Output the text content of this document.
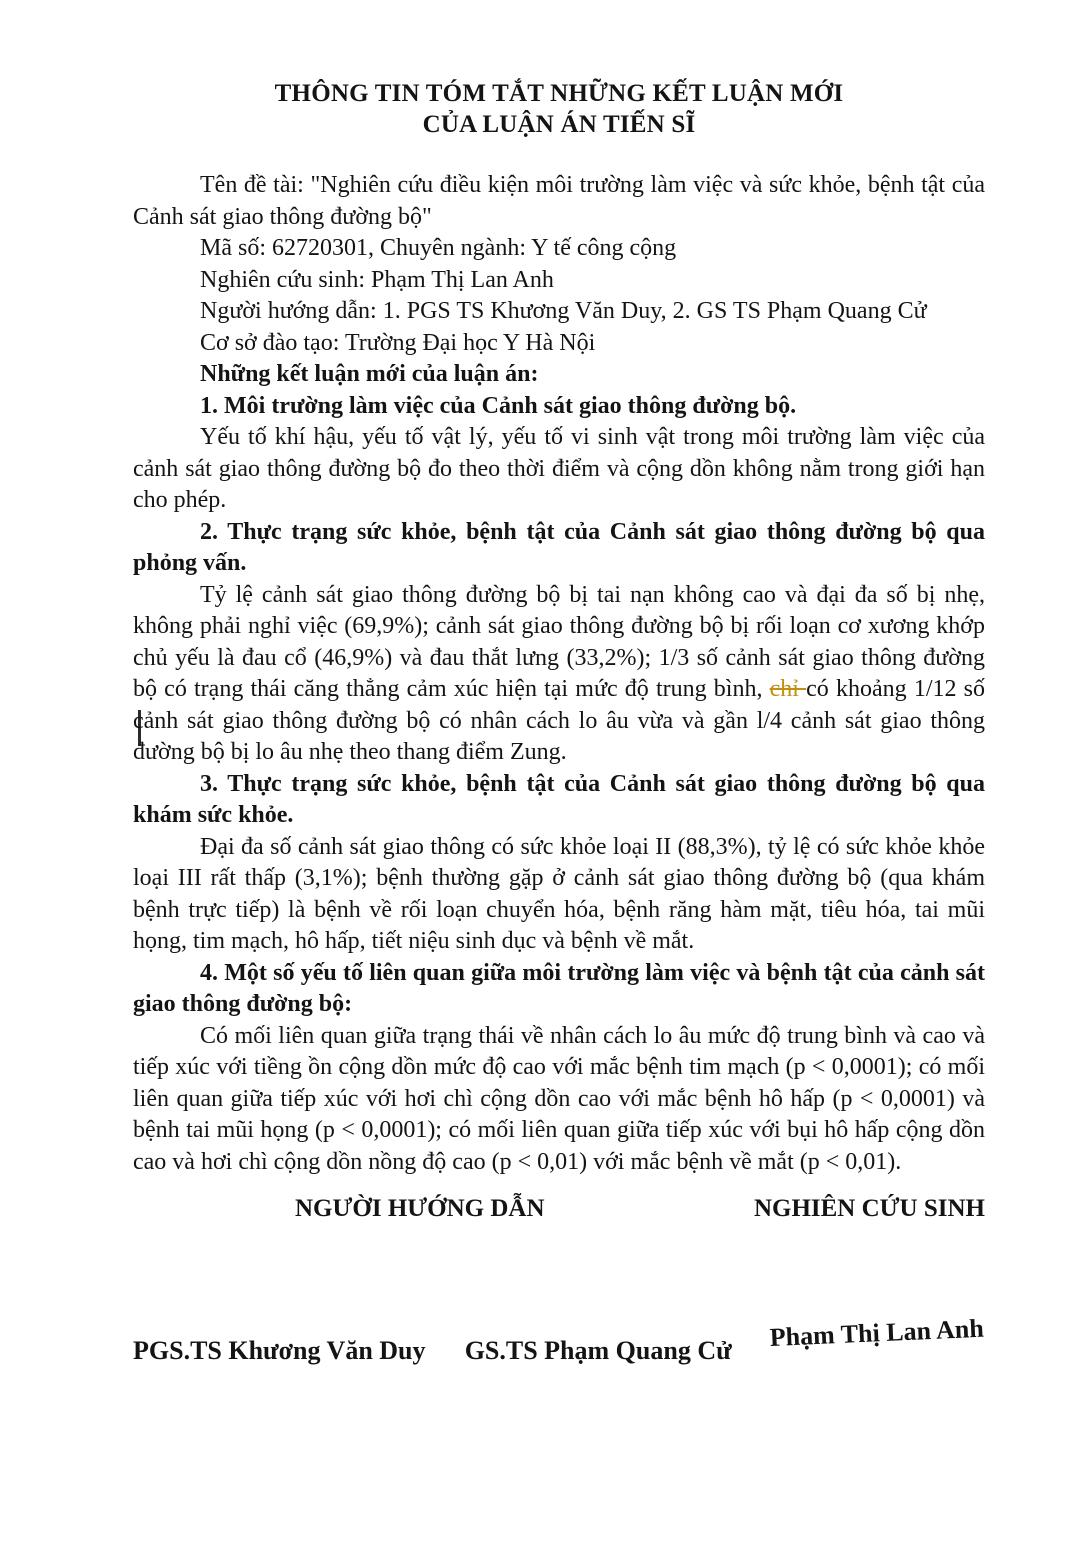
THÔNG TIN TÓM TẮT NHỮNG KẾT LUẬN MỚI
CỦA LUẬN ÁN TIẾN SĨ

Tên đề tài: "Nghiên cứu điều kiện môi trường làm việc và sức khỏe, bệnh tật của Cảnh sát giao thông đường bộ"

Mã số: 62720301, Chuyên ngành: Y tế công cộng

Nghiên cứu sinh: Phạm Thị Lan Anh

Người hướng dẫn: 1. PGS TS Khương Văn Duy, 2. GS TS Phạm Quang Cử

Cơ sở đào tạo: Trường Đại học Y Hà Nội

Những kết luận mới của luận án:

1. Môi trường làm việc của Cảnh sát giao thông đường bộ.

Yếu tố khí hậu, yếu tố vật lý, yếu tố vi sinh vật trong môi trường làm việc của cảnh sát giao thông đường bộ đo theo thời điểm và cộng dồn không nằm trong giới hạn cho phép.

2. Thực trạng sức khỏe, bệnh tật của Cảnh sát giao thông đường bộ qua phỏng vấn.

Tỷ lệ cảnh sát giao thông đường bộ bị tai nạn không cao và đại đa số bị nhẹ, không phải nghỉ việc (69,9%); cảnh sát giao thông đường bộ bị rối loạn cơ xương khớp chủ yếu là đau cổ (46,9%) và đau thắt lưng (33,2%); 1/3 số cảnh sát giao thông đường bộ có trạng thái căng thẳng cảm xúc hiện tại mức độ trung bình, chỉ có khoảng 1/12 số cảnh sát giao thông đường bộ có nhân cách lo âu vừa và gần l/4 cảnh sát giao thông đường bộ bị lo âu nhẹ theo thang điểm Zung.

3. Thực trạng sức khỏe, bệnh tật của Cảnh sát giao thông đường bộ qua khám sức khỏe.

Đại đa số cảnh sát giao thông có sức khỏe loại II (88,3%), tỷ lệ có sức khỏe khỏe loại III rất thấp (3,1%); bệnh thường gặp ở cảnh sát giao thông đường bộ (qua khám bệnh trực tiếp) là bệnh về rối loạn chuyển hóa, bệnh răng hàm mặt, tiêu hóa, tai mũi họng, tim mạch, hô hấp, tiết niệu sinh dục và bệnh về mắt.

4. Một số yếu tố liên quan giữa môi trường làm việc và bệnh tật của cảnh sát giao thông đường bộ:

Có mối liên quan giữa trạng thái về nhân cách lo âu mức độ trung bình và cao và tiếp xúc với tiềng ồn cộng dồn mức độ cao với mắc bệnh tim mạch (p < 0,0001); có mối liên quan giữa tiếp xúc với hơi chì cộng dồn cao với mắc bệnh hô hấp (p < 0,0001) và bệnh tai mũi họng (p < 0,0001); có mối liên quan giữa tiếp xúc với bụi hô hấp cộng dồn cao và hơi chì cộng dồn nồng độ cao (p < 0,01) với mắc bệnh về mắt (p < 0,01).

NGƯỜI HƯỚNG DẪN	NGHIÊN CỨU SINH
PGS.TS Khương Văn Duy GS.TS Phạm Quang Cử Phạm Thị Lan Anh
